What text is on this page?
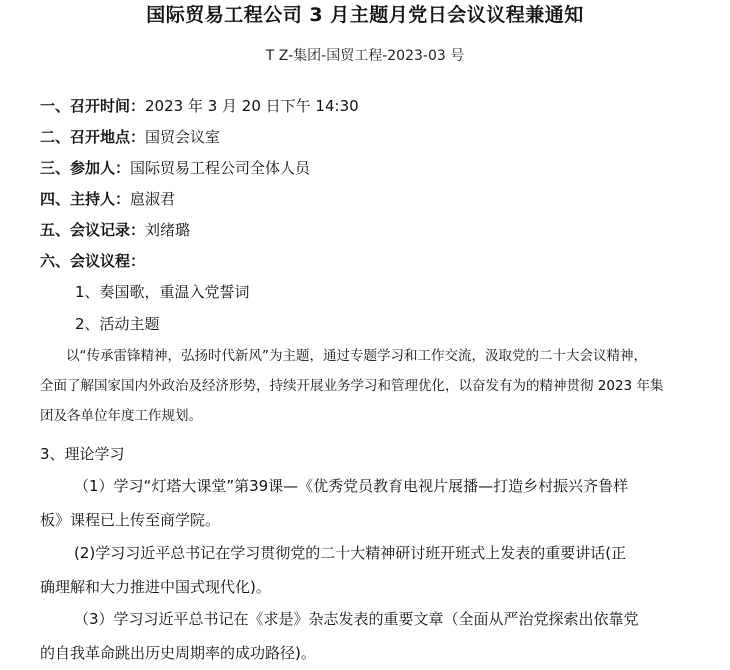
国际贸易工程公司 3 月主题月党日会议议程兼通知
T Z-集团-国贸工程-2023-03 号
一、召开时间：2023 年 3 月 20 日下午 14:30
二、召开地点：国贸会议室
三、参加人：国际贸易工程公司全体人员
四、主持人：扈淑君
五、会议记录：刘绪璐
六、会议议程：
1、奏国歌，重温入党誓词
2、活动主题
以“传承雷锋精神，弘扬时代新风”为主题，通过专题学习和工作交流，汲取党的二十大会议精神，
全面了解国家国内外政治及经济形势，持续开展业务学习和管理优化，以奋发有为的精神贯彻 2023 年集
团及各单位年度工作规划。
3、理论学习
（1）学习“灯塔大课堂”第39课—《优秀党员教育电视片展播—打造乡村振兴齐鲁样
板》课程已上传至商学院。
(2)学习习近平总书记在学习贯彻党的二十大精神研讨班开班式上发表的重要讲话(正
确理解和大力推进中国式现代化)。
（3）学习习近平总书记在《求是》杂志发表的重要文章（全面从严治党探索出依靠党
的自我革命跳出历史周期率的成功路径)。
